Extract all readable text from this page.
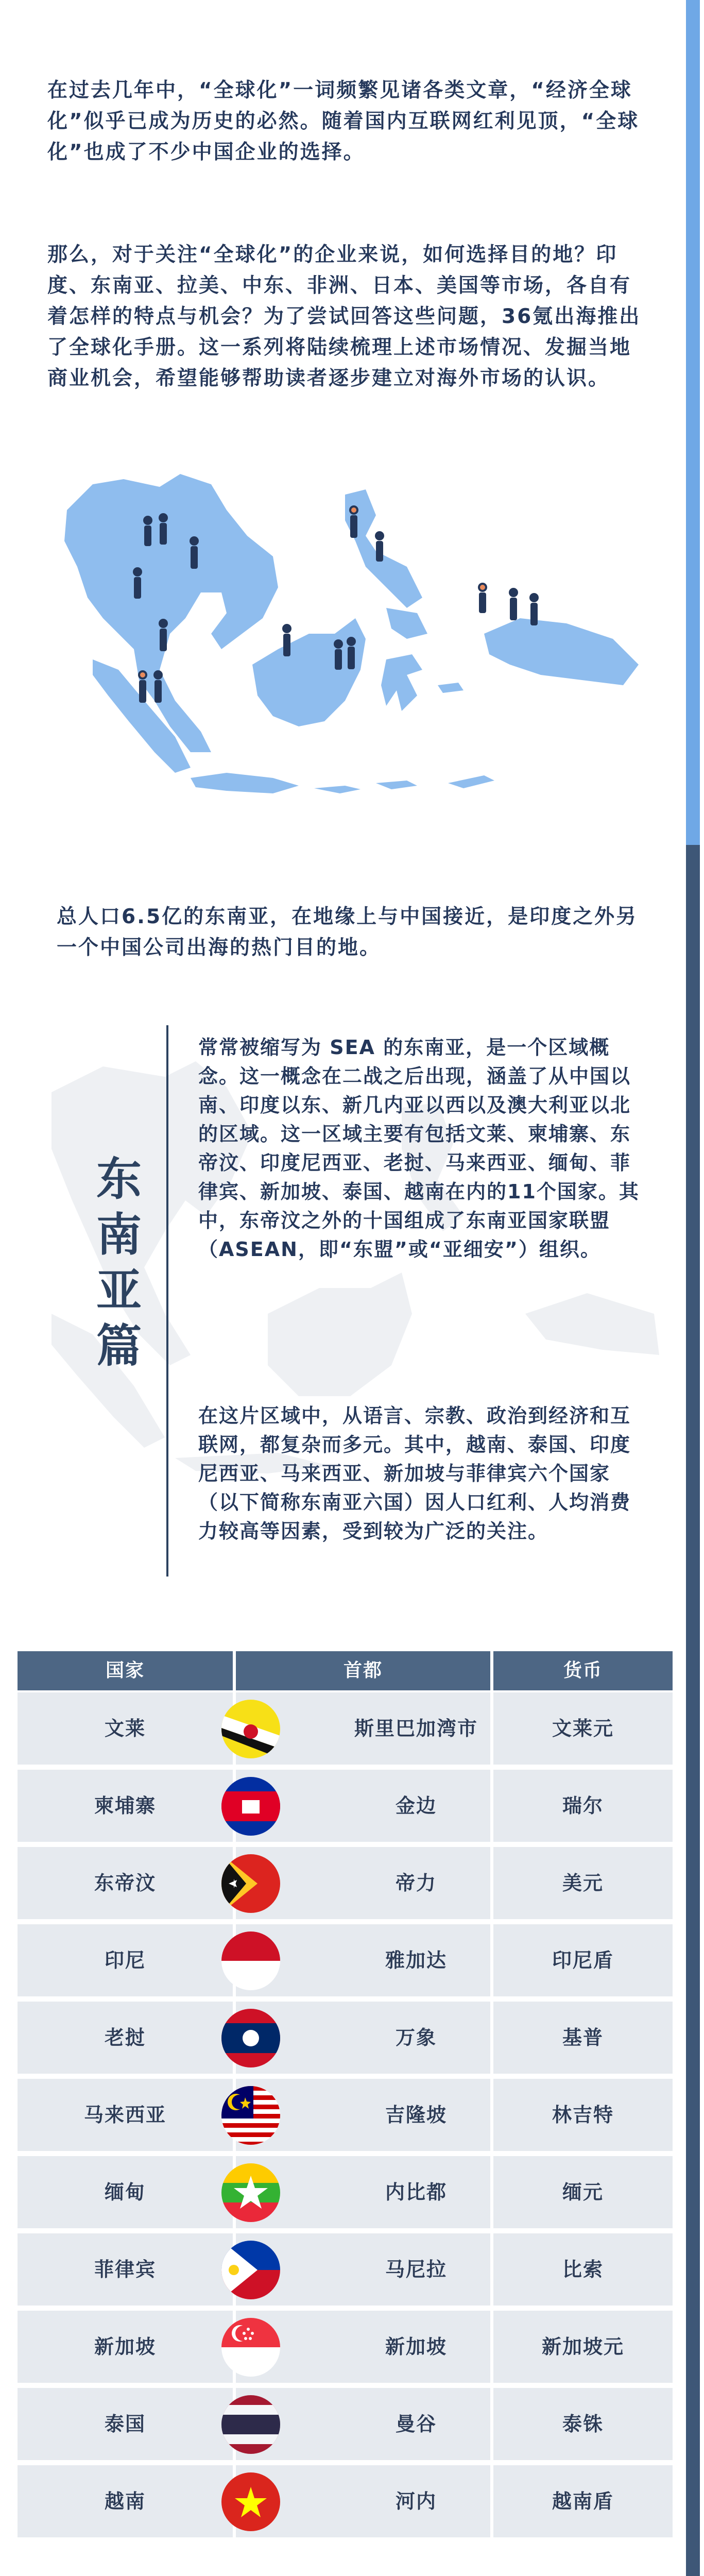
在过去几年中，“全球化”一词频繁见诸各类文章，“经济全球化”似乎已成为历史的必然。随着国内互联网红利见顶，“全球化”也成了不少中国企业的选择。

那么，对于关注“全球化”的企业来说，如何选择目的地？印度、东南亚、拉美、中东、非洲、日本、美国等市场，各自有着怎样的特点与机会？为了尝试回答这些问题，36氪出海推出了全球化手册。这一系列将陆续梳理上述市场情况、发掘当地商业机会，希望能够帮助读者逐步建立对海外市场的认识。

总人口6.5亿的东南亚，在地缘上与中国接近，是印度之外另一个中国公司出海的热门目的地。

东南亚篇

常常被缩写为 SEA 的东南亚，是一个区域概念。这一概念在二战之后出现，涵盖了从中国以南、印度以东、新几内亚以西以及澳大利亚以北的区域。这一区域主要有包括文莱、柬埔寨、东帝汶、印度尼西亚、老挝、马来西亚、缅甸、菲律宾、新加坡、泰国、越南在内的11个国家。其中，东帝汶之外的十国组成了东南亚国家联盟（ASEAN，即“东盟”或“亚细安”）组织。

在这片区域中，从语言、宗教、政治到经济和互联网，都复杂而多元。其中，越南、泰国、印度尼西亚、马来西亚、新加坡与菲律宾六个国家（以下简称东南亚六国）因人口红利、人均消费力较高等因素，受到较为广泛的关注。

国家	首都	货币
文莱	斯里巴加湾市	文莱元
柬埔寨	金边	瑞尔
东帝汶	帝力	美元
印尼	雅加达	印尼盾
老挝	万象	基普
马来西亚	吉隆坡	林吉特
缅甸	内比都	缅元
菲律宾	马尼拉	比索
新加坡	新加坡	新加坡元
泰国	曼谷	泰铢
越南	河内	越南盾
